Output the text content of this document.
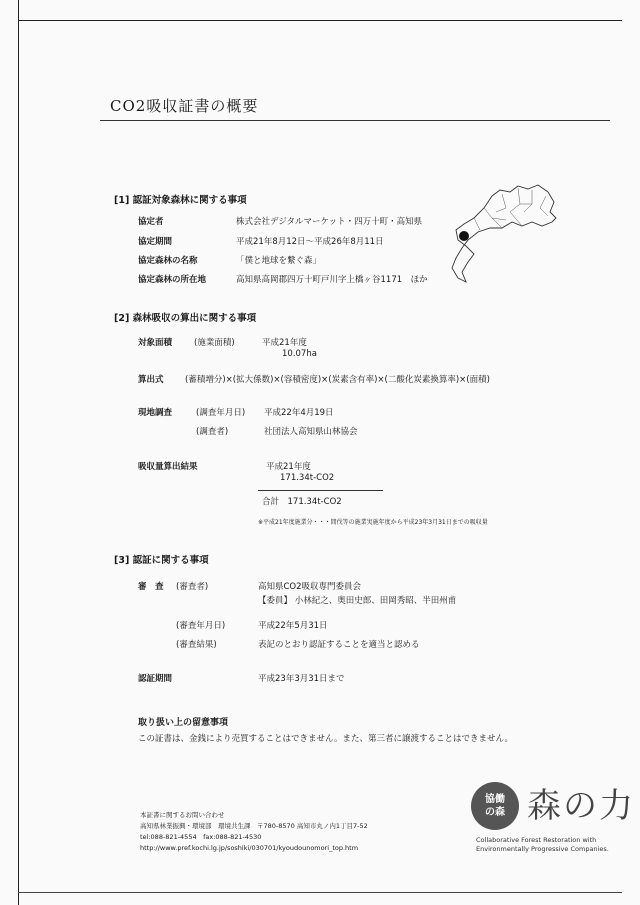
CO2吸収証書の概要
[1] 認証対象森林に関する事項
協定者	株式会社デジタルマーケット・四万十町・高知県
協定期間	平成21年8月12日～平成26年8月11日
協定森林の名称	「僕と地球を繋ぐ森」
協定森林の所在地	高知県高岡郡四万十町戸川字上橋ヶ谷1171　ほか
[2] 森林吸収の算出に関する事項
対象面積	(施業面積)	平成21年度
10.07ha
算出式	(蓄積増分)×(拡大係数)×(容積密度)×(炭素含有率)×(二酸化炭素換算率)×(面積)
現地調査	(調査年月日) 平成22年4月19日
(調査者)	社団法人高知県山林協会
吸収量算出結果	平成21年度
171.34t-CO2
合計　171.34t-CO2
※平成21年度施業分・・・間伐等の施業実施年度から平成23年3月31日までの吸収量
[3] 認証に関する事項
審　査 (審査者)	高知県CO2吸収専門委員会
【委員】 小林紀之、奥田史郎、田岡秀昭、半田州甫
(審査年月日)	平成22年5月31日
(審査結果)	表記のとおり認証することを適当と認める
認証期間	平成23年3月31日まで
取り扱い上の留意事項
この証書は、金銭により売買することはできません。また、第三者に譲渡することはできません。
本証書に関するお問い合わせ
高知県林業振興・環境部　環境共生課　〒780-8570 高知市丸ノ内1丁目7-52
tel:088-821-4554　fax:088-821-4530
http://www.pref.kochi.lg.jp/soshiki/030701/kyoudounomori_top.htm
協働
の森 森の力
Collaborative Forest Restoration with
Environmentally Progressive Companies.
